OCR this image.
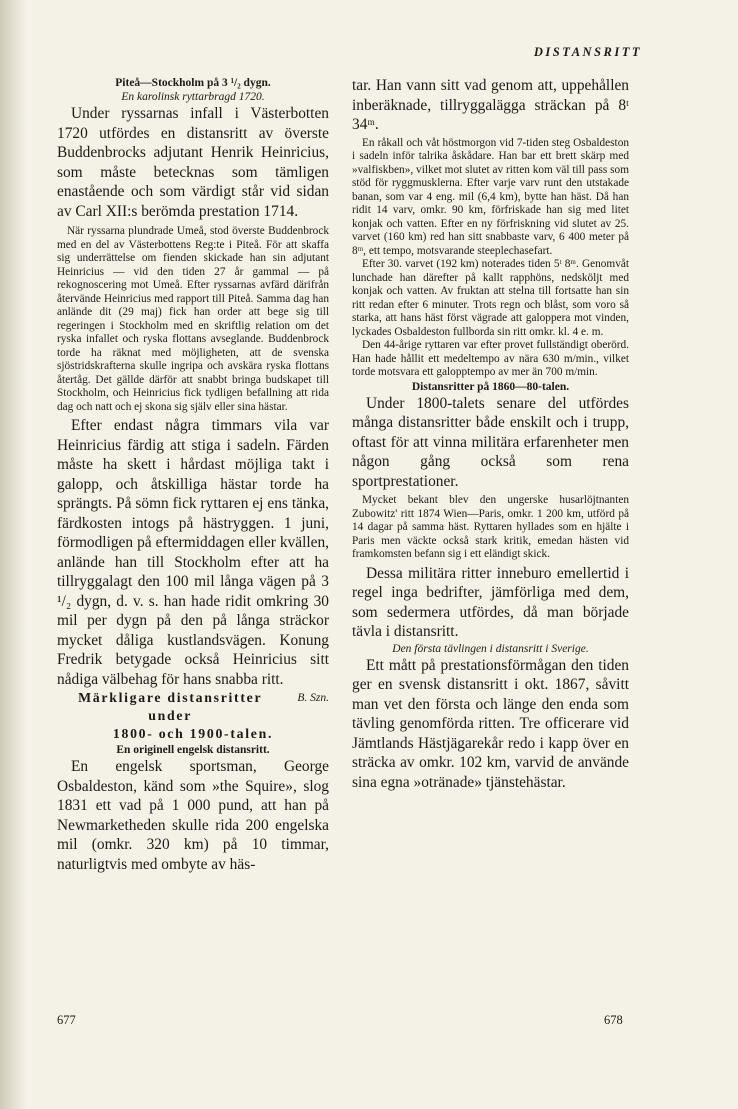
DISTANSRITT

Piteå—Stockholm på 3 ¹/₂ dygn.

En karolinsk ryttarbragd 1720.

Under ryssarnas infall i Västerbotten 1720 utfördes en distansritt av överste Buddenbrocks adjutant Henrik Heinricius, som måste betecknas som tämligen enastående och som värdigt står vid sidan av Carl XII:s berömda prestation 1714.

När ryssarna plundrade Umeå, stod överste Buddenbrock med en del av Västerbottens Reg:te i Piteå. För att skaffa sig underrättelse om fienden skickade han sin adjutant Heinricius — vid den tiden 27 år gammal — på rekognoscering mot Umeå. Efter ryssarnas avfärd därifrån återvände Heinricius med rapport till Piteå. Samma dag han anlände dit (29 maj) fick han order att bege sig till regeringen i Stockholm med en skriftlig relation om det ryska infallet och ryska flottans avseglande. Buddenbrock torde ha räknat med möjligheten, att de svenska sjöstridskrafterna skulle ingripa och avskära ryska flottans återtåg. Det gällde därför att snabbt bringa budskapet till Stockholm, och Heinricius fick tydligen befallning att rida dag och natt och ej skona sig själv eller sina hästar.

Efter endast några timmars vila var Heinricius färdig att stiga i sadeln. Färden måste ha skett i hårdast möjliga takt i galopp, och åtskilliga hästar torde ha sprängts. På sömn fick ryttaren ej ens tänka, färdkosten intogs på hästryggen. 1 juni, förmodligen på eftermiddagen eller kvällen, anlände han till Stockholm efter att ha tillryggalagt den 100 mil långa vägen på 3 ¹/₂ dygn, d. v. s. han hade ridit omkring 30 mil per dygn på den på långa sträckor mycket dåliga kustlandsvägen. Konung Fredrik betygade också Heinricius sitt nådiga välbehag för hans snabba ritt.
B. Szn.

Märkligare distansritter under
1800- och 1900-talen.

En originell engelsk distansritt.

En engelsk sportsman, George Osbaldeston, känd som »the Squire», slog 1831 ett vad på 1 000 pund, att han på Newmarketheden skulle rida 200 engelska mil (omkr. 320 km) på 10 timmar, naturligtvis med ombyte av häs-

tar. Han vann sitt vad genom att, uppehållen inberäknade, tillryggalägga sträckan på 8ᵗ 34ᵐ.

En råkall och våt höstmorgon vid 7-tiden steg Osbaldeston i sadeln inför talrika åskådare. Han bar ett brett skärp med »valfiskben», vilket mot slutet av ritten kom väl till pass som stöd för ryggmusklerna. Efter varje varv runt den utstakade banan, som var 4 eng. mil (6,4 km), bytte han häst. Då han ridit 14 varv, omkr. 90 km, förfriskade han sig med litet konjak och vatten. Efter en ny förfriskning vid slutet av 25. varvet (160 km) red han sitt snabbaste varv, 6 400 meter på 8ᵐ, ett tempo, motsvarande steeplechasefart.

Efter 30. varvet (192 km) noterades tiden 5ᵗ 8ᵐ. Genomvåt lunchade han därefter på kallt rapphöns, nedsköljt med konjak och vatten. Av fruktan att stelna till fortsatte han sin ritt redan efter 6 minuter. Trots regn och blåst, som voro så starka, att hans häst först vägrade att galoppera mot vinden, lyckades Osbaldeston fullborda sin ritt omkr. kl. 4 e. m.

Den 44-årige ryttaren var efter provet fullständigt oberörd. Han hade hållit ett medeltempo av nära 630 m/min., vilket torde motsvara ett galopptempo av mer än 700 m/min.

Distansritter på 1860—80-talen.

Under 1800-talets senare del utfördes många distansritter både enskilt och i trupp, oftast för att vinna militära erfarenheter men någon gång också som rena sportprestationer.

Mycket bekant blev den ungerske husarlöjtnanten Zubowitz' ritt 1874 Wien—Paris, omkr. 1 200 km, utförd på 14 dagar på samma häst. Ryttaren hyllades som en hjälte i Paris men väckte också stark kritik, emedan hästen vid framkomsten befann sig i ett eländigt skick.

Dessa militära ritter inneburo emellertid i regel inga bedrifter, jämförliga med dem, som sedermera utfördes, då man började tävla i distansritt.

Den första tävlingen i distansritt i Sverige.

Ett mått på prestationsförmågan den tiden ger en svensk distansritt i okt. 1867, såvitt man vet den första och länge den enda som tävling genomförda ritten. Tre officerare vid Jämtlands Hästjägarekår redo i kapp över en sträcka av omkr. 102 km, varvid de använde sina egna »otränade» tjänstehästar.

677	678
